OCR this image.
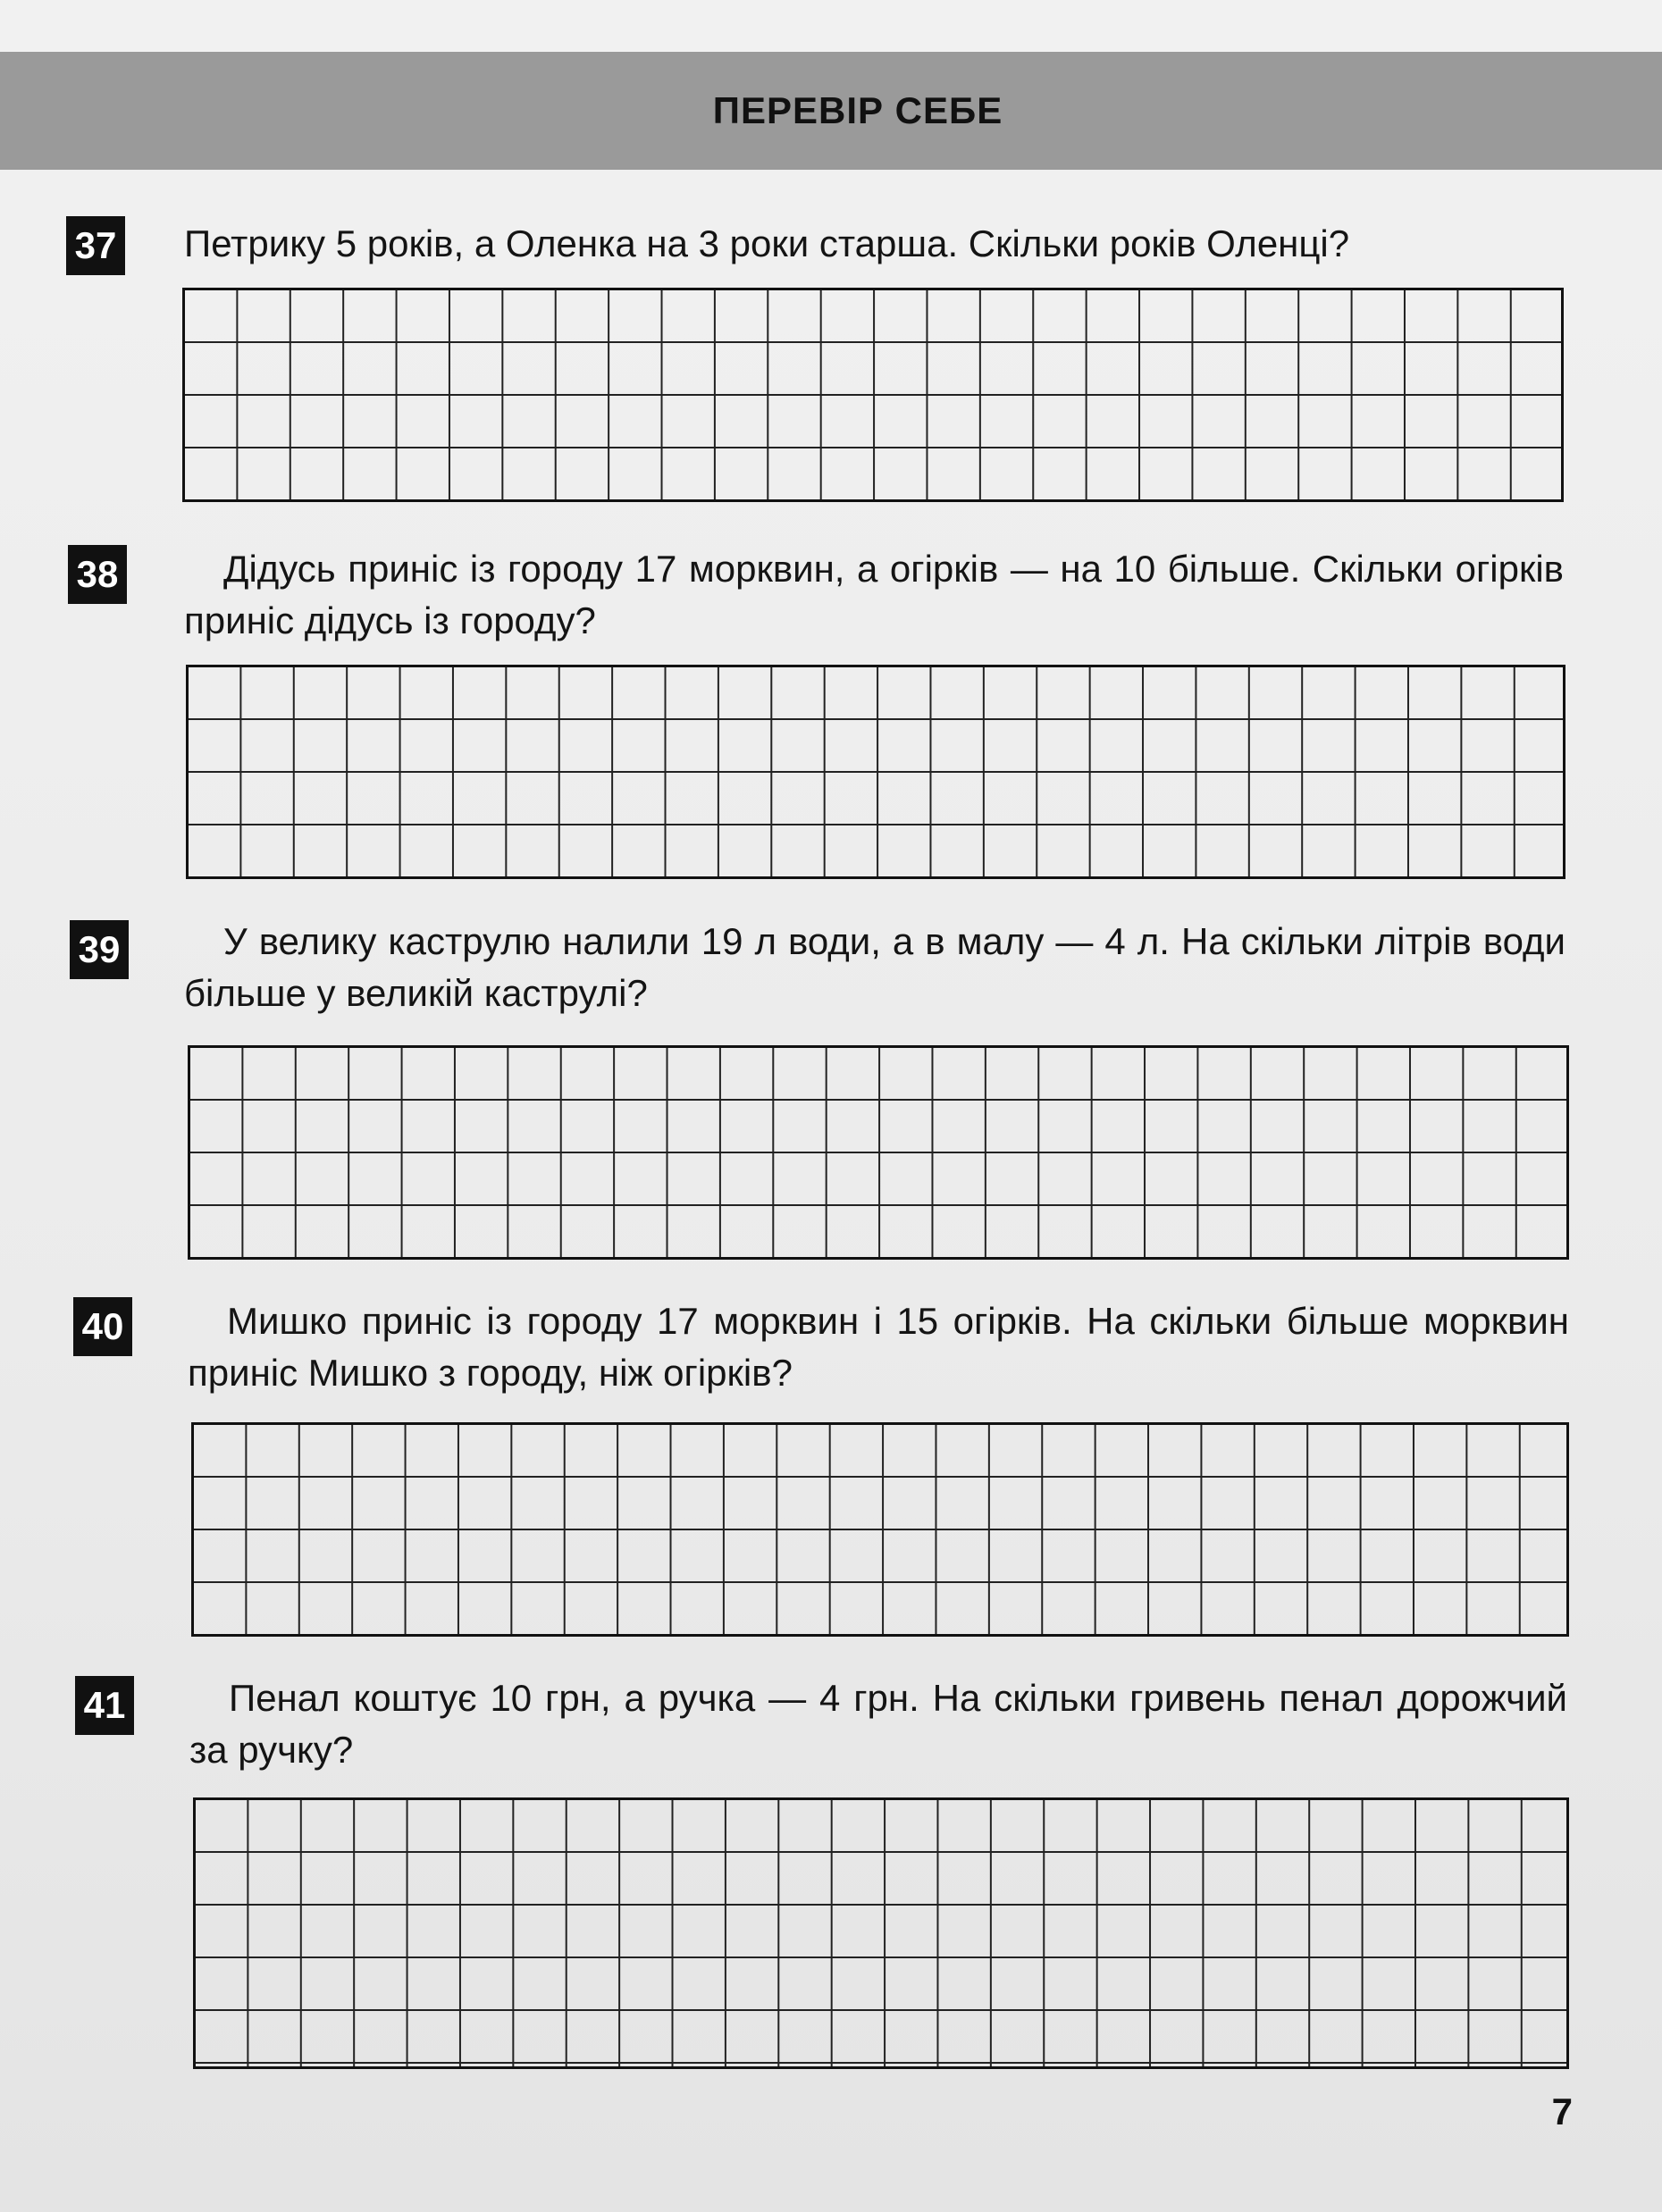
ПЕРЕВІР СЕБЕ
37 Петрику 5 років, а Оленка на 3 роки старша. Скільки років Оленці?
38	Дідусь приніс із городу 17 морквин, а огірків — на 10 більше. Скільки огірків приніс дідусь із городу?
39	У велику каструлю налили 19 л води, а в малу — 4 л. На скільки літрів води більше у великій каструлі?
40	Мишко приніс із городу 17 морквин і 15 огірків. На скільки більше морквин приніс Мишко з городу, ніж огірків?
41	Пенал коштує 10 грн, а ручка — 4 грн. На скільки гривень пенал дорожчий за ручку?
7
